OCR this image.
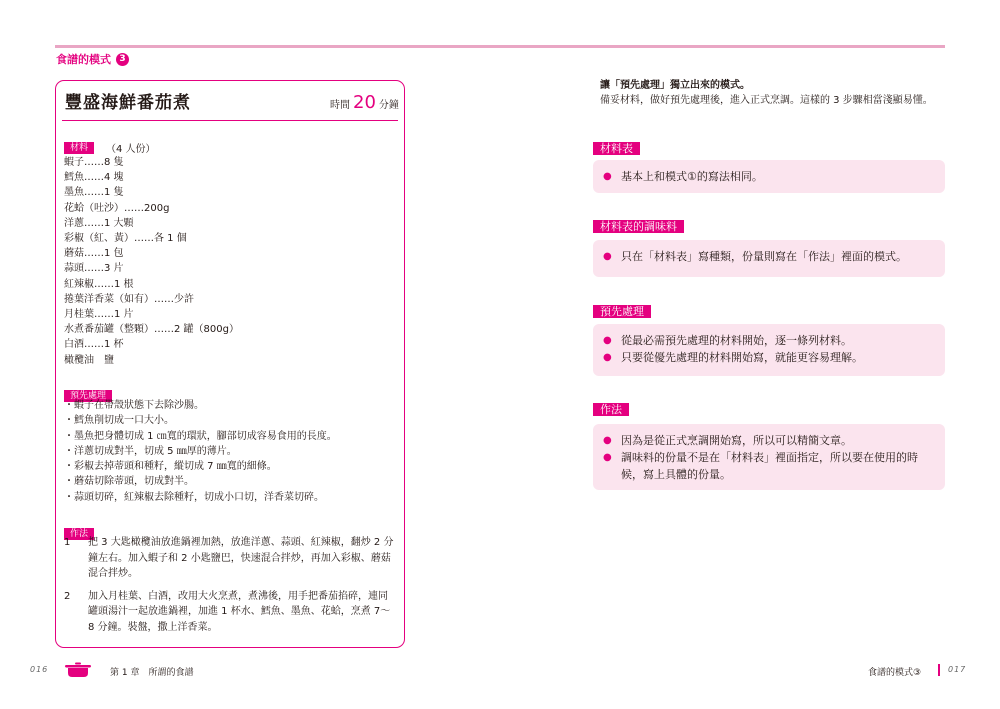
食譜的模式 3
豐盛海鮮番茄煮	時間 20 分鐘
材料	（4 人份）
蝦子……8 隻
鱈魚……4 塊
墨魚……1 隻
花蛤（吐沙）……200g
洋蔥……1 大顆
彩椒（紅、黃）……各 1 個
蘑菇……1 包
蒜頭……3 片
紅辣椒……1 根
捲葉洋香菜（如有）……少許
月桂葉……1 片
水煮番茄罐（整顆）……2 罐（800g）
白酒……1 杯
橄欖油　鹽
預先處理
・蝦子在帶殼狀態下去除沙腸。
・鱈魚削切成一口大小。
・墨魚把身體切成 1 ㎝寬的環狀，腳部切成容易食用的長度。
・洋蔥切成對半，切成 5 ㎜厚的薄片。
・彩椒去掉蒂頭和種籽，縱切成 7 ㎜寬的細條。
・蘑菇切除蒂頭，切成對半。
・蒜頭切碎，紅辣椒去除種籽，切成小口切，洋香菜切碎。
作法
1	把 3 大匙橄欖油放進鍋裡加熱，放進洋蔥、蒜頭、紅辣椒，翻炒 2 分鐘左右。加入蝦子和 2 小匙鹽巴，快速混合拌炒，再加入彩椒、蘑菇混合拌炒。
2	加入月桂葉、白酒，改用大火烹煮，煮沸後，用手把番茄掐碎，連同罐頭湯汁一起放進鍋裡，加進 1 杯水、鱈魚、墨魚、花蛤，烹煮 7～8 分鐘。裝盤，撒上洋香菜。
016	第 1 章　所謂的食譜
讓「預先處理」獨立出來的模式。
備妥材料，做好預先處理後，進入正式烹調。這樣的 3 步驟相當淺顯易懂。
材料表
● 基本上和模式①的寫法相同。
材料表的調味料
● 只在「材料表」寫種類，份量則寫在「作法」裡面的模式。
預先處理
● 從最必需預先處理的材料開始，逐一條列材料。
● 只要從優先處理的材料開始寫，就能更容易理解。
作法
● 因為是從正式烹調開始寫，所以可以精簡文章。
● 調味料的份量不是在「材料表」裡面指定，所以要在使用的時候，寫上具體的份量。
食譜的模式③	017
